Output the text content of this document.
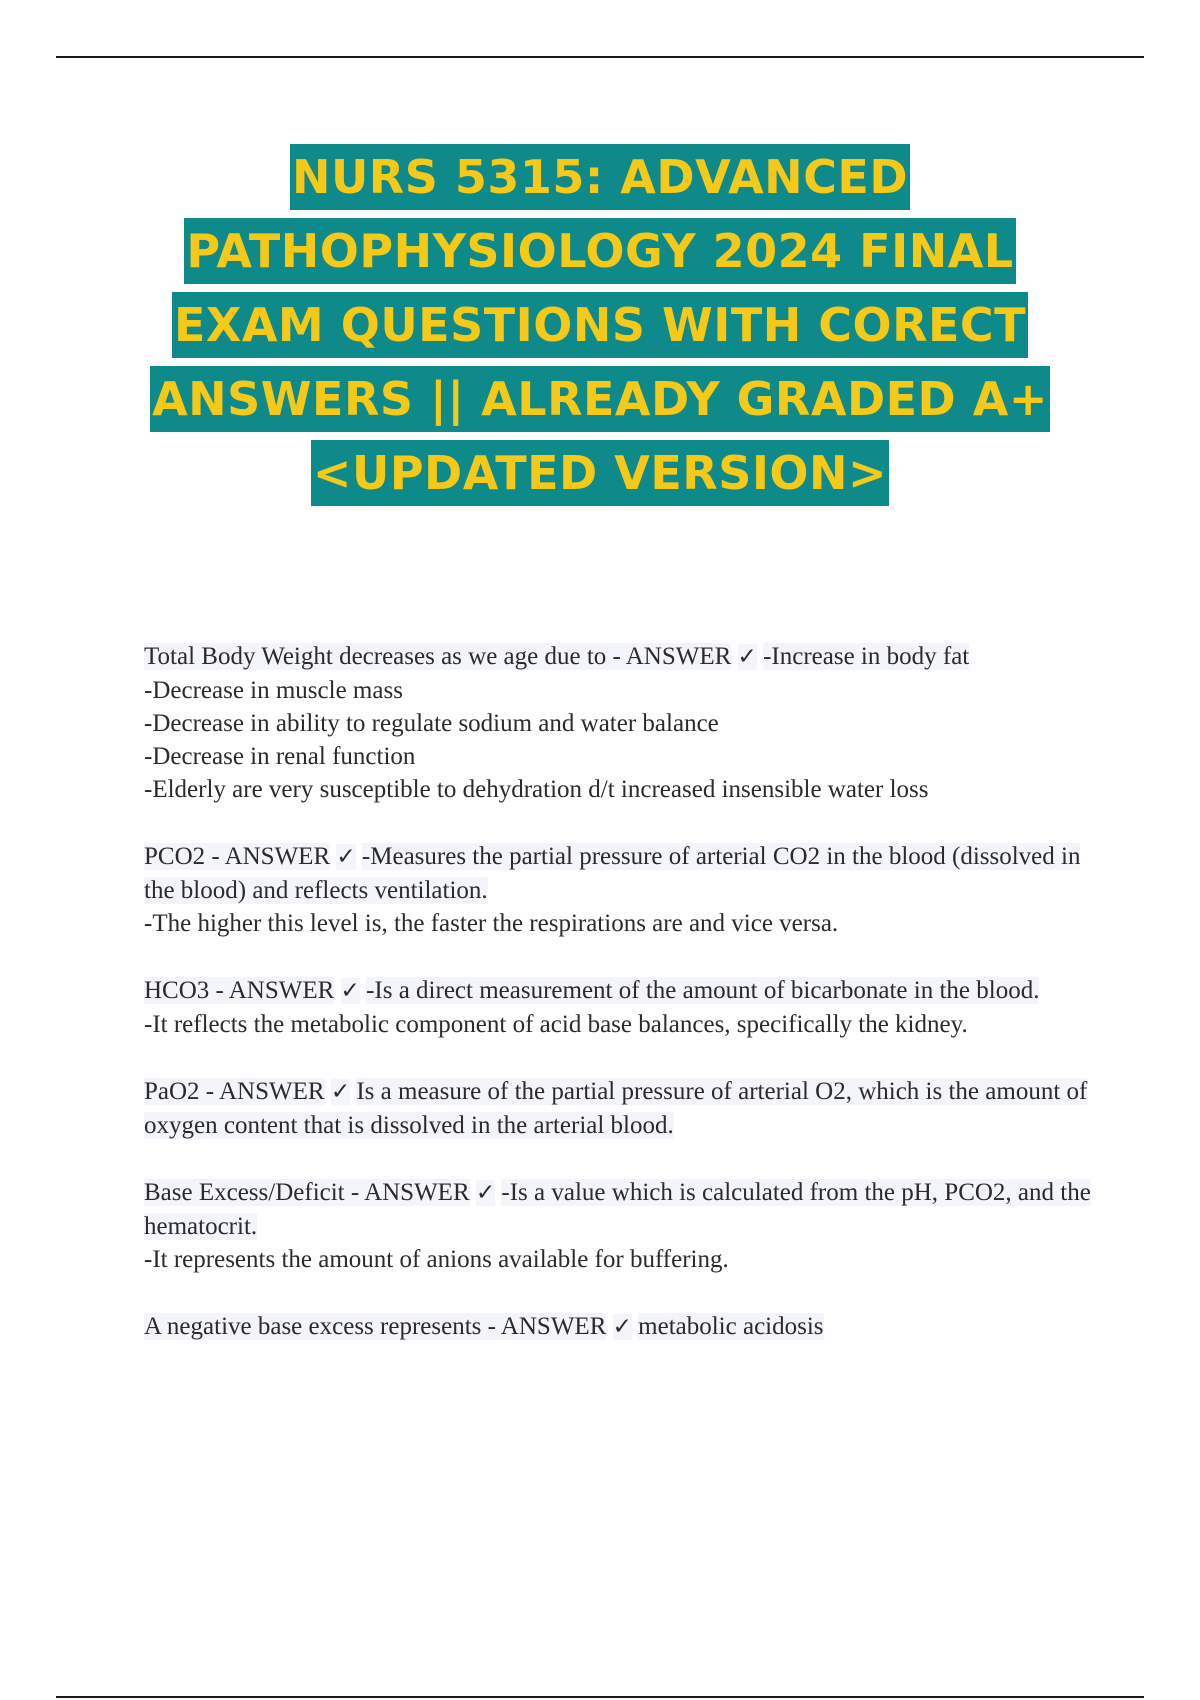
NURS 5315: ADVANCED
PATHOPHYSIOLOGY 2024 FINAL
EXAM QUESTIONS WITH CORECT
ANSWERS || ALREADY GRADED A+
<UPDATED VERSION>

Total Body Weight decreases as we age due to - ANSWER ✓ -Increase in body fat

-Decrease in muscle mass

-Decrease in ability to regulate sodium and water balance

-Decrease in renal function

-Elderly are very susceptible to dehydration d/t increased insensible water loss

PCO2 - ANSWER ✓ -Measures the partial pressure of arterial CO2 in the blood (dissolved in the blood) and reflects ventilation.

-The higher this level is, the faster the respirations are and vice versa.

HCO3 - ANSWER ✓ -Is a direct measurement of the amount of bicarbonate in the blood.

-It reflects the metabolic component of acid base balances, specifically the kidney.

PaO2 - ANSWER ✓ Is a measure of the partial pressure of arterial O2, which is the amount of oxygen content that is dissolved in the arterial blood.

Base Excess/Deficit - ANSWER ✓ -Is a value which is calculated from the pH, PCO2, and the hematocrit.

-It represents the amount of anions available for buffering.

A negative base excess represents - ANSWER ✓ metabolic acidosis
